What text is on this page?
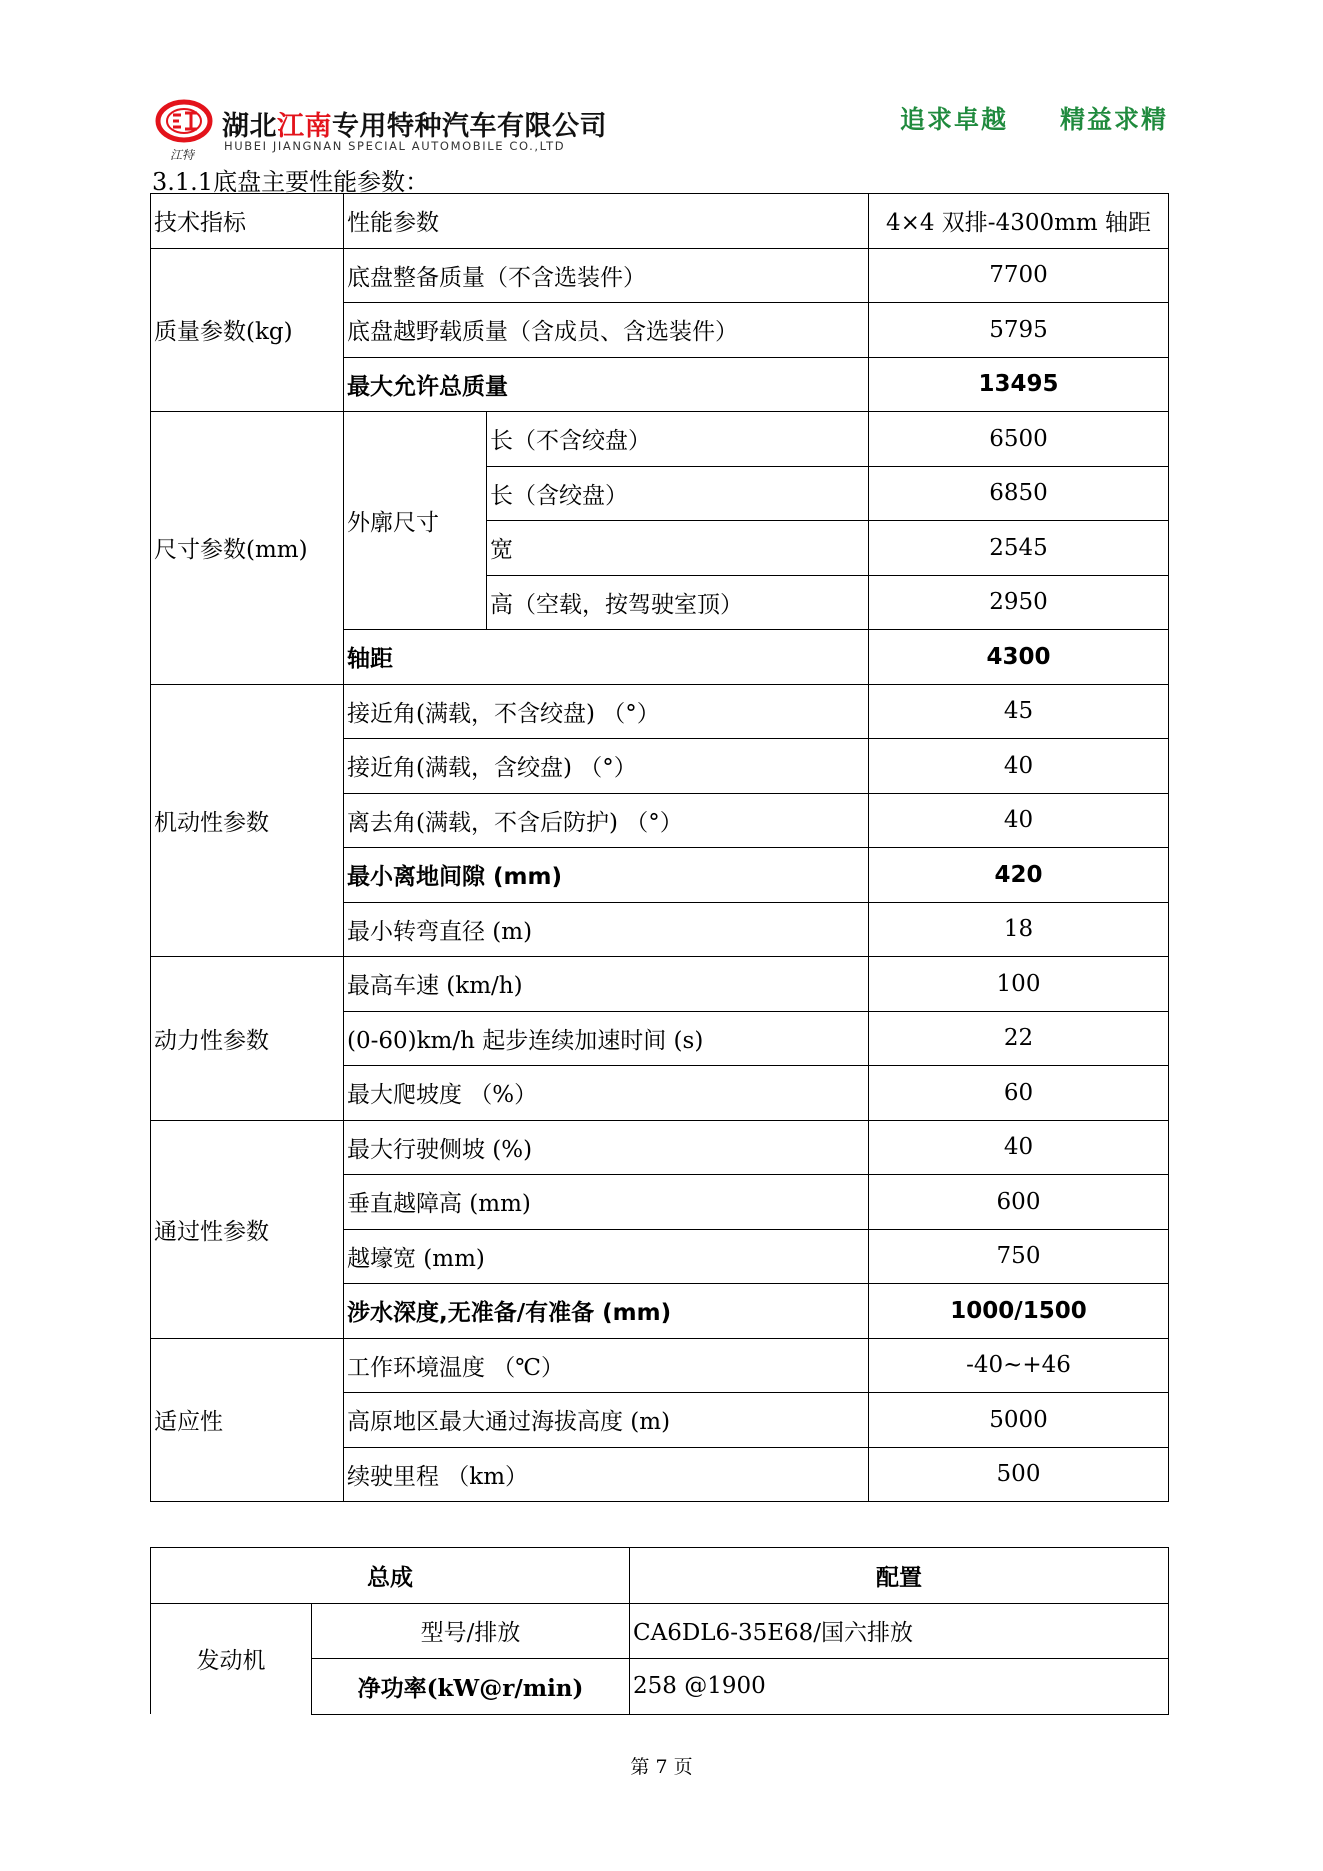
湖北江南专用特种汽车有限公司
HUBEI JIANGNAN SPECIAL AUTOMOBILE CO.,LTD
江特
追求卓越 精益求精
3.1.1底盘主要性能参数：
技术指标	性能参数		4×4 双排-4300mm 轴距
质量参数(kg)	底盘整备质量（不含选装件）		7700
	底盘越野载质量（含成员、含选装件）		5795
	最大允许总质量		13495
尺寸参数(mm)	外廓尺寸	长（不含绞盘）	6500
		长（含绞盘）	6850
		宽	2545
		高（空载，按驾驶室顶）	2950
	轴距		4300
机动性参数	接近角(满载，不含绞盘) （°）		45
	接近角(满载，含绞盘) （°）		40
	离去角(满载，不含后防护) （°）		40
	最小离地间隙 (mm)		420
	最小转弯直径 (m)		18
动力性参数	最高车速 (km/h)		100
	(0-60)km/h 起步连续加速时间 (s)		22
	最大爬坡度 （%）		60
通过性参数	最大行驶侧坡 (%)		40
	垂直越障高 (mm)		600
	越壕宽 (mm)		750
	涉水深度,无准备/有准备 (mm)		1000/1500
适应性	工作环境温度 （℃）		-40~+46
	高原地区最大通过海拔高度 (m)		5000
	续驶里程 （km）		500
总成		配置
发动机	型号/排放	CA6DL6-35E68/国六排放
	净功率(kW@r/min)	258 @1900
第 7 页
